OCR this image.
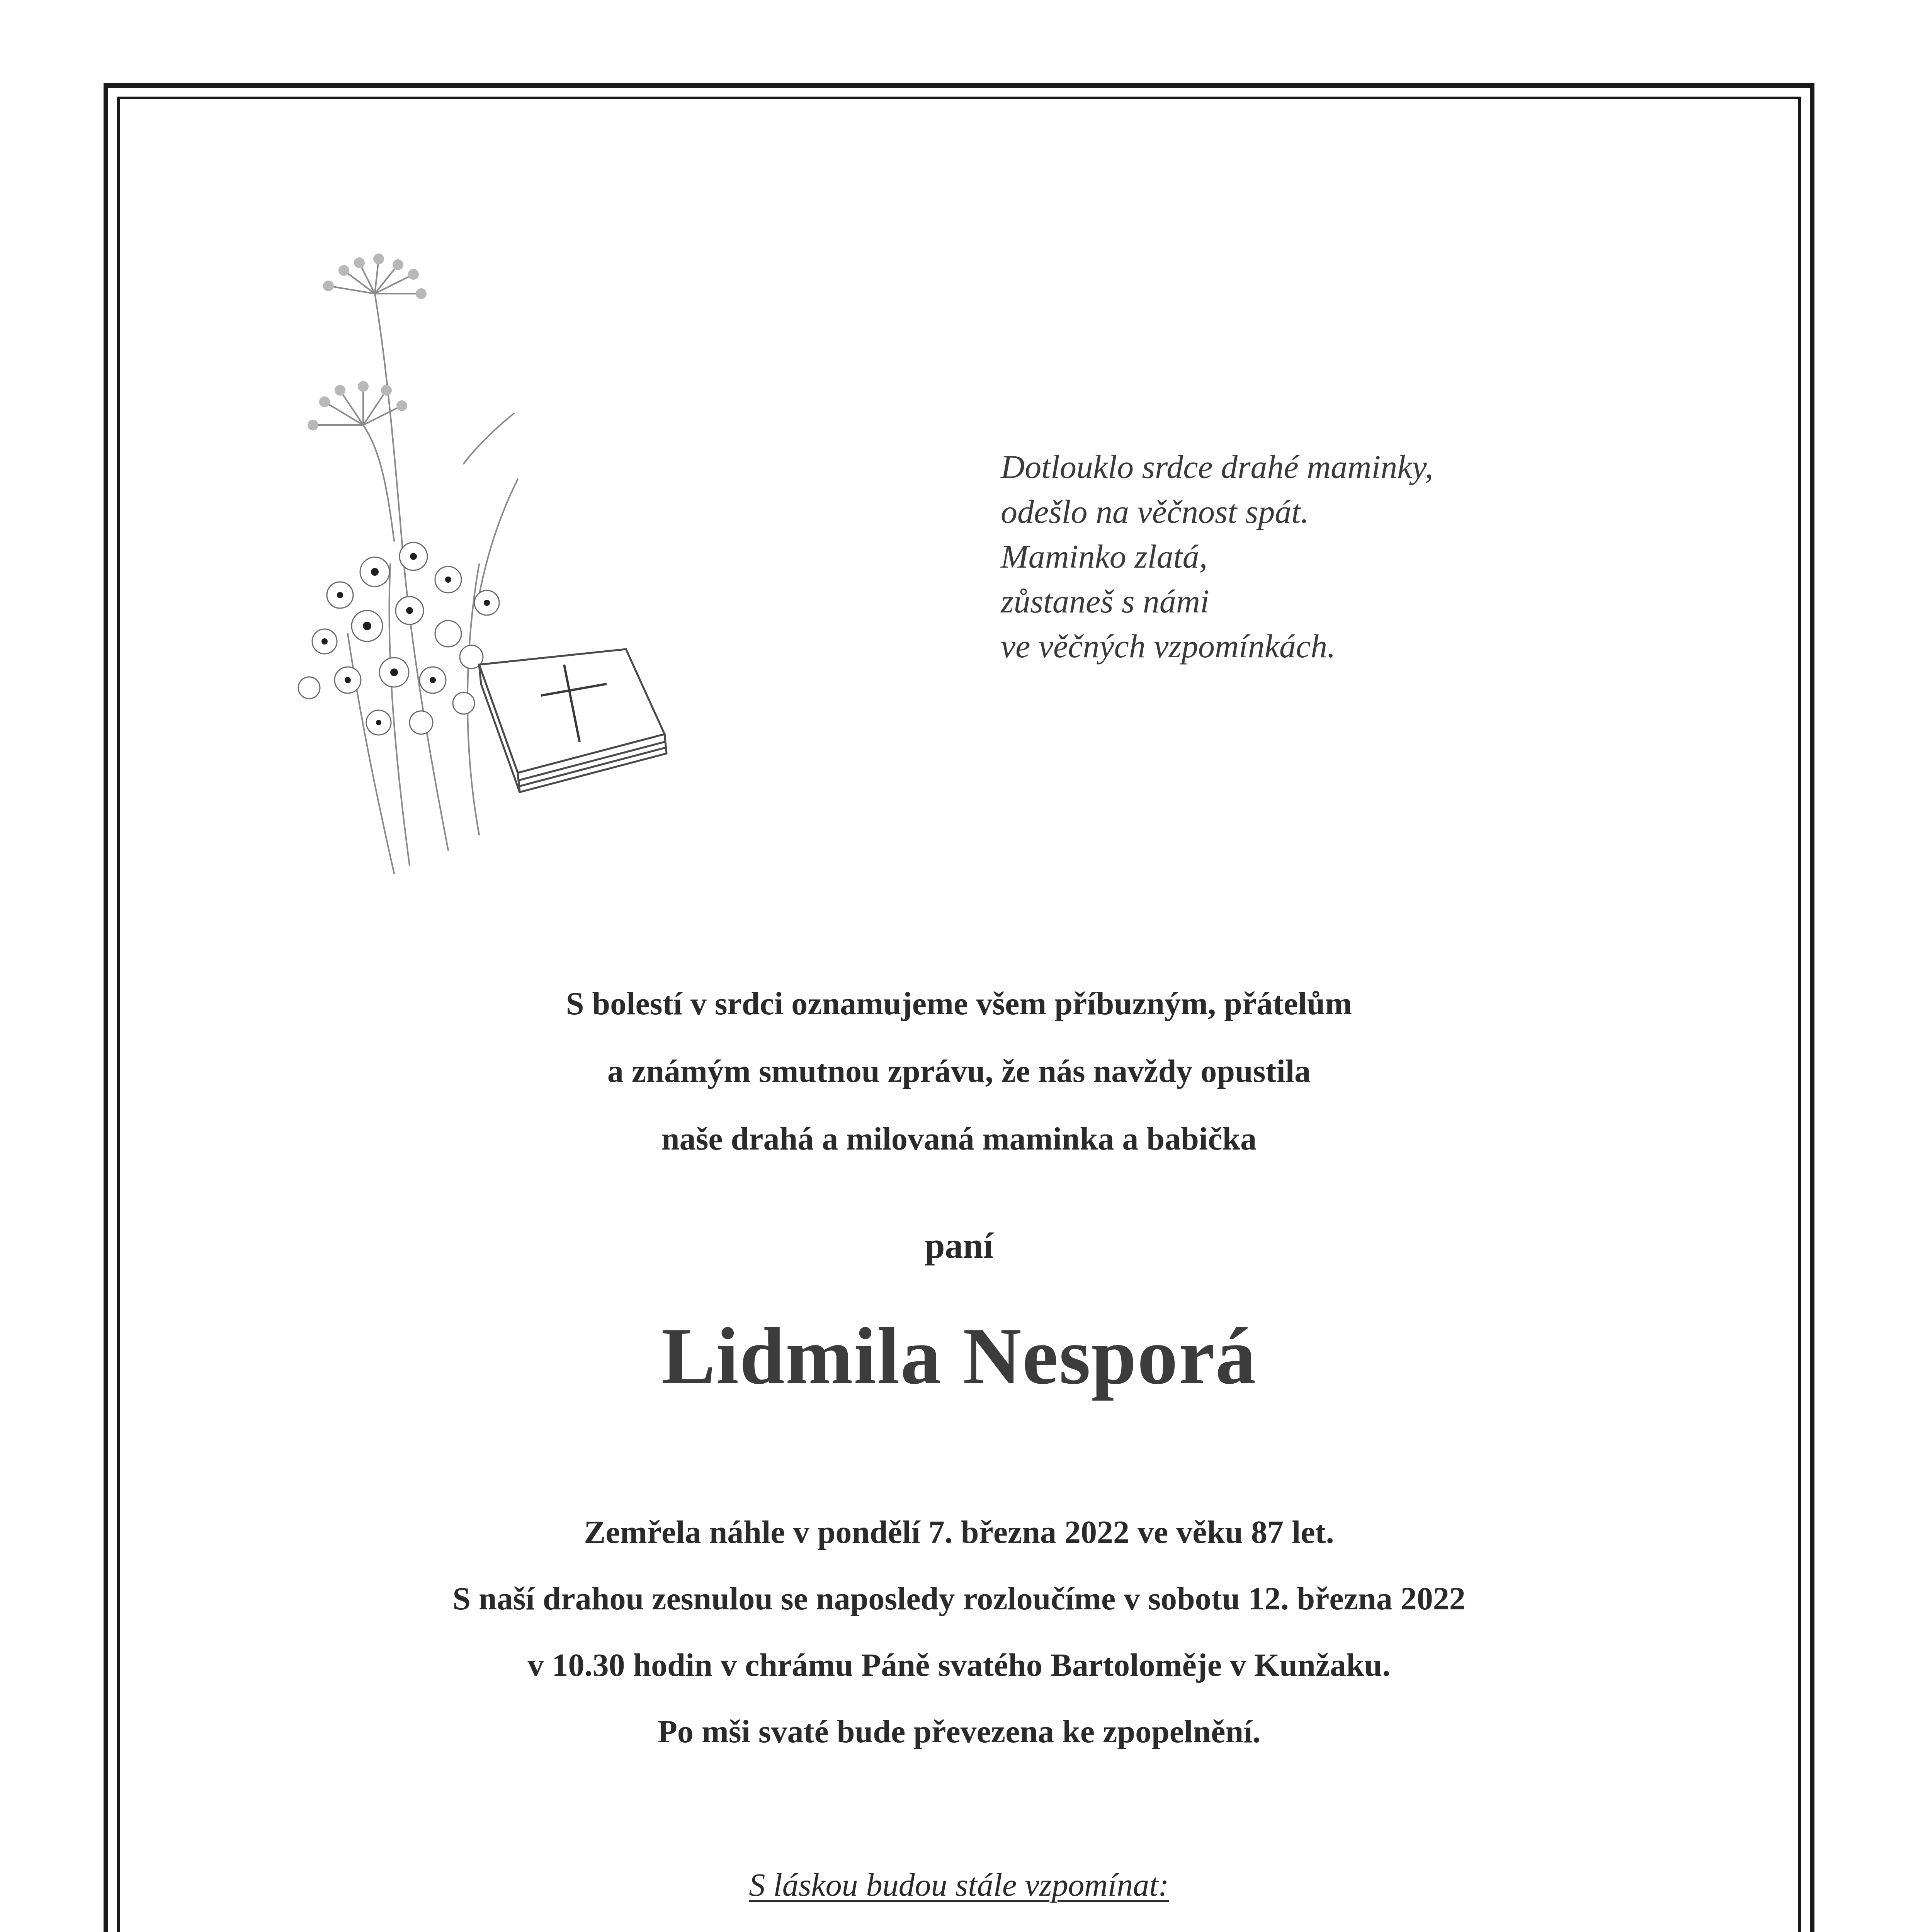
Dotlouklo srdce drahé maminky,
odešlo na věčnost spát.
Maminko zlatá,
zůstaneš s námi
ve věčných vzpomínkách.
S bolestí v srdci oznamujeme všem příbuzným, přátelům
a známým smutnou zprávu, že nás navždy opustila
naše drahá a milovaná maminka a babička
paní
Lidmila Nesporá
Zemřela náhle v pondělí 7. března 2022 ve věku 87 let.
S naší drahou zesnulou se naposledy rozloučíme v sobotu 12. března 2022
v 10.30 hodin v chrámu Páně svatého Bartoloměje v Kunžaku.
Po mši svaté bude převezena ke zpopelnění.
S láskou budou stále vzpomínat:
